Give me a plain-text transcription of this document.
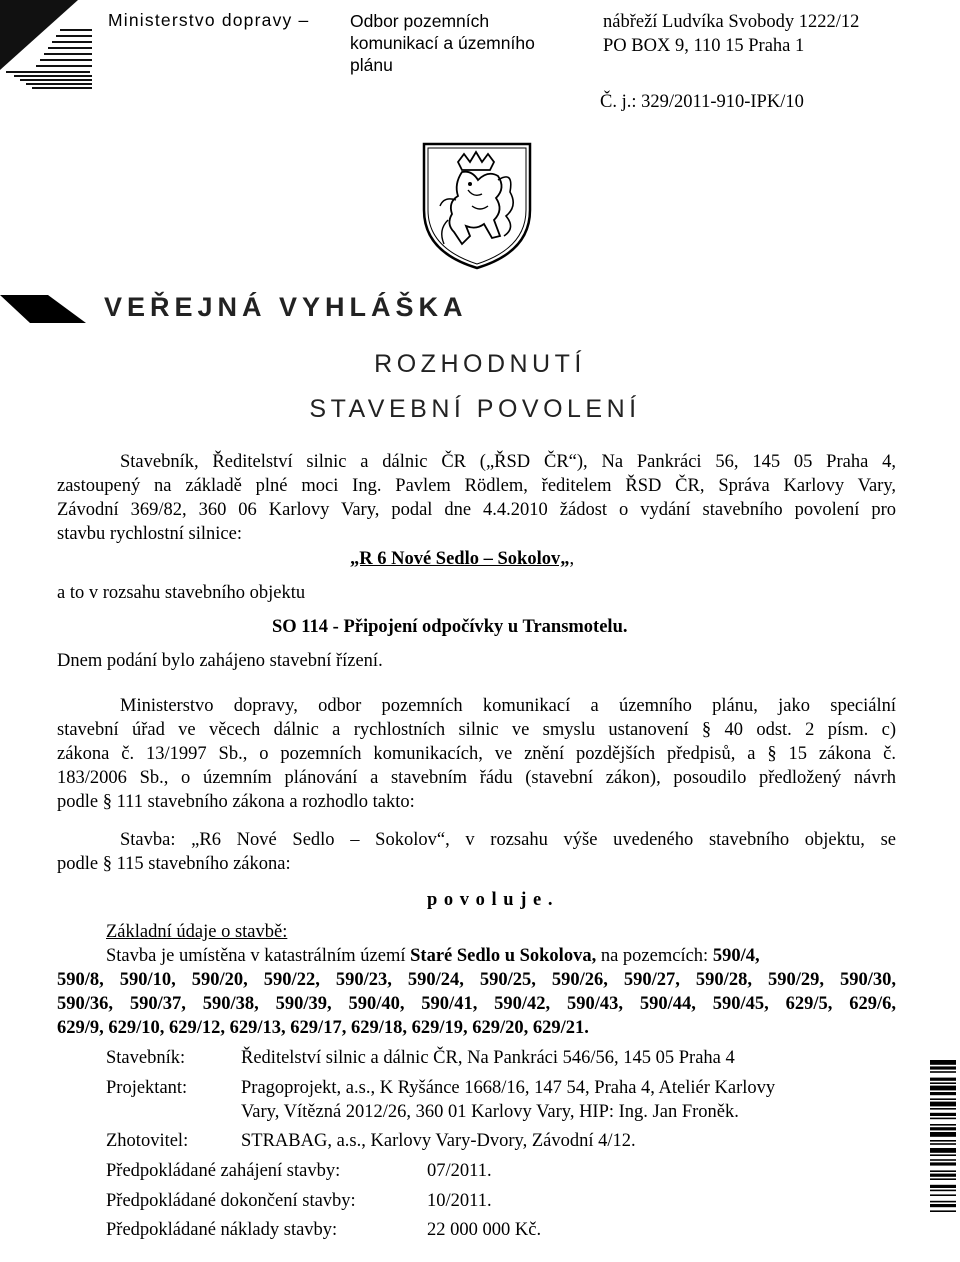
Ministerstvo dopravy – Odbor pozemních
komunikací a územního
plánu
nábřeží Ludvíka Svobody 1222/12
PO BOX 9, 110 15 Praha 1
Č. j.: 329/2011-910-IPK/10
VEŘEJNÁ VYHLÁŠKA
ROZHODNUTÍ
STAVEBNÍ POVOLENÍ
Stavebník, Ředitelství silnic a dálnic ČR („ŘSD ČR“), Na Pankráci 56, 145 05 Praha 4,
zastoupený na základě plné moci Ing. Pavlem Rödlem, ředitelem ŘSD ČR, Správa Karlovy Vary,
Závodní 369/82, 360 06 Karlovy Vary, podal dne 4.4.2010 žádost o vydání stavebního povolení pro
stavbu rychlostní silnice:
„R 6 Nové Sedlo – Sokolov„,
a to v rozsahu stavebního objektu
SO 114 - Připojení odpočívky u Transmotelu.
Dnem podání bylo zahájeno stavební řízení.
Ministerstvo dopravy, odbor pozemních komunikací a územního plánu, jako speciální
stavební úřad ve věcech dálnic a rychlostních silnic ve smyslu ustanovení § 40 odst. 2 písm. c)
zákona č. 13/1997 Sb., o pozemních komunikacích, ve znění pozdějších předpisů, a § 15 zákona č.
183/2006 Sb., o územním plánování a stavebním řádu (stavební zákon), posoudilo předložený návrh
podle § 111 stavebního zákona a rozhodlo takto:
Stavba: „R6 Nové Sedlo – Sokolov“, v rozsahu výše uvedeného stavebního objektu, se
podle § 115 stavebního zákona:
p o v o l u j e .
Základní údaje o stavbě:
Stavba je umístěna v katastrálním území Staré Sedlo u Sokolova, na pozemcích: 590/4,
590/8, 590/10, 590/20, 590/22, 590/23, 590/24, 590/25, 590/26, 590/27, 590/28, 590/29, 590/30,
590/36, 590/37, 590/38, 590/39, 590/40, 590/41, 590/42, 590/43, 590/44, 590/45, 629/5, 629/6,
629/9, 629/10, 629/12, 629/13, 629/17, 629/18, 629/19, 629/20, 629/21.
Stavebník:	Ředitelství silnic a dálnic ČR, Na Pankráci 546/56, 145 05 Praha 4
Projektant:	Pragoprojekt, a.s., K Ryšánce 1668/16, 147 54, Praha 4, Ateliér Karlovy
Vary, Vítězná 2012/26, 360 01 Karlovy Vary, HIP: Ing. Jan Froněk.
Zhotovitel:	STRABAG, a.s., Karlovy Vary-Dvory, Závodní 4/12.
Předpokládané zahájení stavby:	07/2011.
Předpokládané dokončení stavby:	10/2011.
Předpokládané náklady stavby:	22 000 000 Kč.
